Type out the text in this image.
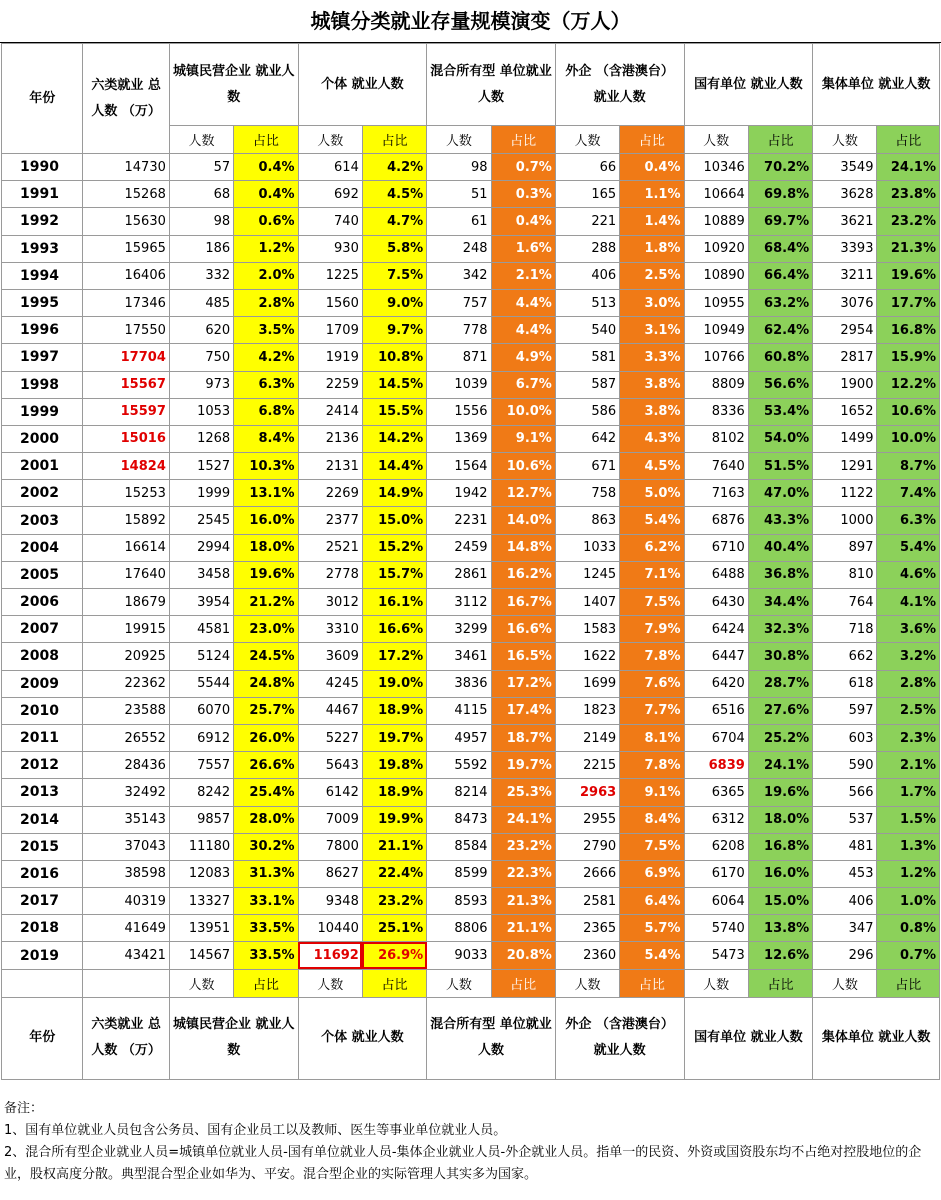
城镇分类就业存量规模演变（万人）
年份	六类就业 总人数 （万）	城镇民营企业 就业人数		个体 就业人数		混合所有型 单位就业人数		外企 （含港澳台） 就业人数		国有单位 就业人数		集体单位 就业人数	
		人数	占比	人数	占比	人数	占比	人数	占比	人数	占比	人数	占比
1990	14730	57	0.4%	614	4.2%	98	0.7%	66	0.4%	10346	70.2%	3549	24.1%
1991	15268	68	0.4%	692	4.5%	51	0.3%	165	1.1%	10664	69.8%	3628	23.8%
1992	15630	98	0.6%	740	4.7%	61	0.4%	221	1.4%	10889	69.7%	3621	23.2%
1993	15965	186	1.2%	930	5.8%	248	1.6%	288	1.8%	10920	68.4%	3393	21.3%
1994	16406	332	2.0%	1225	7.5%	342	2.1%	406	2.5%	10890	66.4%	3211	19.6%
1995	17346	485	2.8%	1560	9.0%	757	4.4%	513	3.0%	10955	63.2%	3076	17.7%
1996	17550	620	3.5%	1709	9.7%	778	4.4%	540	3.1%	10949	62.4%	2954	16.8%
1997	17704	750	4.2%	1919	10.8%	871	4.9%	581	3.3%	10766	60.8%	2817	15.9%
1998	15567	973	6.3%	2259	14.5%	1039	6.7%	587	3.8%	8809	56.6%	1900	12.2%
1999	15597	1053	6.8%	2414	15.5%	1556	10.0%	586	3.8%	8336	53.4%	1652	10.6%
2000	15016	1268	8.4%	2136	14.2%	1369	9.1%	642	4.3%	8102	54.0%	1499	10.0%
2001	14824	1527	10.3%	2131	14.4%	1564	10.6%	671	4.5%	7640	51.5%	1291	8.7%
2002	15253	1999	13.1%	2269	14.9%	1942	12.7%	758	5.0%	7163	47.0%	1122	7.4%
2003	15892	2545	16.0%	2377	15.0%	2231	14.0%	863	5.4%	6876	43.3%	1000	6.3%
2004	16614	2994	18.0%	2521	15.2%	2459	14.8%	1033	6.2%	6710	40.4%	897	5.4%
2005	17640	3458	19.6%	2778	15.7%	2861	16.2%	1245	7.1%	6488	36.8%	810	4.6%
2006	18679	3954	21.2%	3012	16.1%	3112	16.7%	1407	7.5%	6430	34.4%	764	4.1%
2007	19915	4581	23.0%	3310	16.6%	3299	16.6%	1583	7.9%	6424	32.3%	718	3.6%
2008	20925	5124	24.5%	3609	17.2%	3461	16.5%	1622	7.8%	6447	30.8%	662	3.2%
2009	22362	5544	24.8%	4245	19.0%	3836	17.2%	1699	7.6%	6420	28.7%	618	2.8%
2010	23588	6070	25.7%	4467	18.9%	4115	17.4%	1823	7.7%	6516	27.6%	597	2.5%
2011	26552	6912	26.0%	5227	19.7%	4957	18.7%	2149	8.1%	6704	25.2%	603	2.3%
2012	28436	7557	26.6%	5643	19.8%	5592	19.7%	2215	7.8%	6839	24.1%	590	2.1%
2013	32492	8242	25.4%	6142	18.9%	8214	25.3%	2963	9.1%	6365	19.6%	566	1.7%
2014	35143	9857	28.0%	7009	19.9%	8473	24.1%	2955	8.4%	6312	18.0%	537	1.5%
2015	37043	11180	30.2%	7800	21.1%	8584	23.2%	2790	7.5%	6208	16.8%	481	1.3%
2016	38598	12083	31.3%	8627	22.4%	8599	22.3%	2666	6.9%	6170	16.0%	453	1.2%
2017	40319	13327	33.1%	9348	23.2%	8593	21.3%	2581	6.4%	6064	15.0%	406	1.0%
2018	41649	13951	33.5%	10440	25.1%	8806	21.1%	2365	5.7%	5740	13.8%	347	0.8%
2019	43421	14567	33.5%	11692	26.9%	9033	20.8%	2360	5.4%	5473	12.6%	296	0.7%
		人数	占比	人数	占比	人数	占比	人数	占比	人数	占比	人数	占比
年份	六类就业 总人数 （万）	城镇民营企业 就业人数		个体 就业人数		混合所有型 单位就业人数		外企 （含港澳台） 就业人数		国有单位 就业人数		集体单位 就业人数	
备注：
1、国有单位就业人员包含公务员、国有企业员工以及教师、医生等事业单位就业人员。
2、混合所有型企业就业人员=城镇单位就业人员-国有单位就业人员-集体企业就业人员-外企就业人员。指单一的民资、外资或国资股东均不占绝对控股地位的企业，股权高度分散。典型混合型企业如华为、平安。混合型企业的实际管理人其实多为国家。
